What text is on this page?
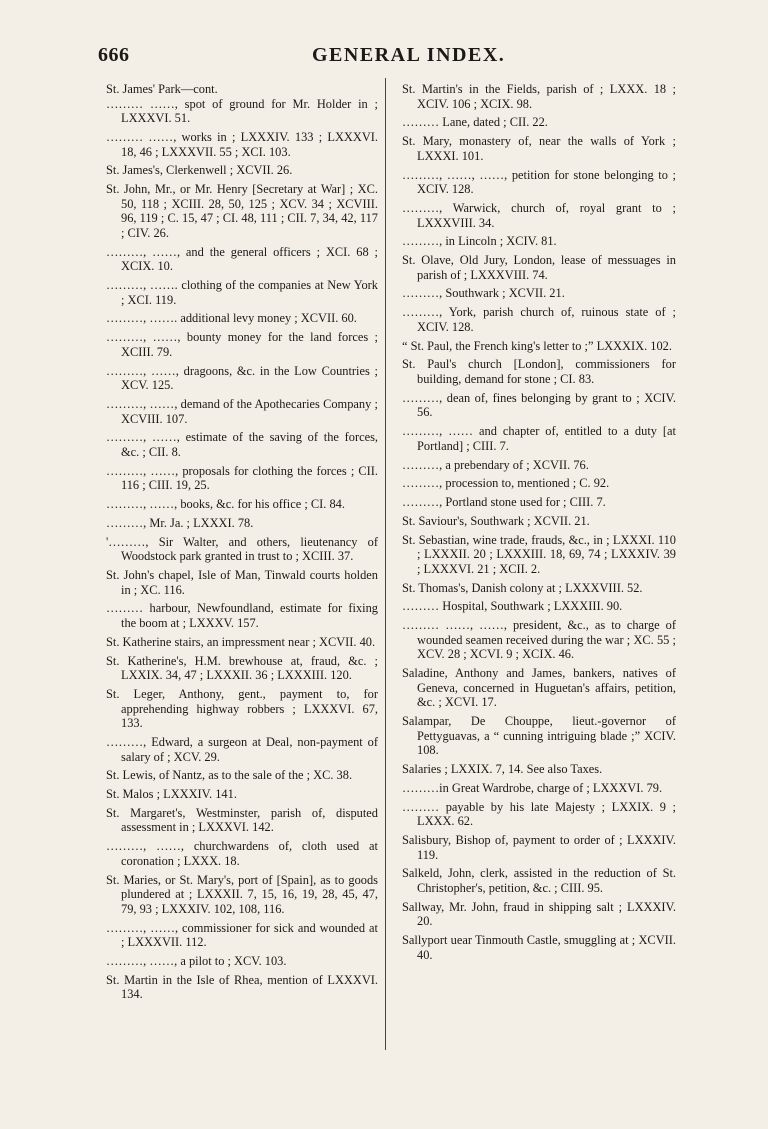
666	GENERAL INDEX.

St. James' Park—cont.

……… ……, spot of ground for Mr. Holder in ; LXXXVI. 51.

……… ……, works in ; LXXXIV. 133 ; LXXXVI. 18, 46 ; LXXXVII. 55 ; XCI. 103.

St. James's, Clerkenwell ; XCVII. 26.

St. John, Mr., or Mr. Henry [Secretary at War] ; XC. 50, 118 ; XCIII. 28, 50, 125 ; XCV. 34 ; XCVIII. 96, 119 ; C. 15, 47 ; CI. 48, 111 ; CII. 7, 34, 42, 117 ; CIV. 26.

………, ……, and the general officers ; XCI. 68 ; XCIX. 10.

………, ……. clothing of the companies at New York ; XCI. 119.

………, ……. additional levy money ; XCVII. 60.

………, ……, bounty money for the land forces ; XCIII. 79.

………, ……, dragoons, &c. in the Low Countries ; XCV. 125.

………, ……, demand of the Apothecaries Company ; XCVIII. 107.

………, ……, estimate of the saving of the forces, &c. ; CII. 8.

………, ……, proposals for clothing the forces ; CII. 116 ; CIII. 19, 25.

………, ……, books, &c. for his office ; CI. 84.

………, Mr. Ja. ; LXXXI. 78.

'………, Sir Walter, and others, lieutenancy of Woodstock park granted in trust to ; XCIII. 37.

St. John's chapel, Isle of Man, Tinwald courts holden in ; XC. 116.

……… harbour, Newfoundland, estimate for fixing the boom at ; LXXXV. 157.

St. Katherine stairs, an impressment near ; XCVII. 40.

St. Katherine's, H.M. brewhouse at, fraud, &c. ; LXXIX. 34, 47 ; LXXXII. 36 ; LXXXIII. 120.

St. Leger, Anthony, gent., payment to, for apprehending highway robbers ; LXXXVI. 67, 133.

………, Edward, a surgeon at Deal, non-payment of salary of ; XCV. 29.

St. Lewis, of Nantz, as to the sale of the ; XC. 38.

St. Malos ; LXXXIV. 141.

St. Margaret's, Westminster, parish of, disputed assessment in ; LXXXVI. 142.

………, ……, churchwardens of, cloth used at coronation ; LXXX. 18.

St. Maries, or St. Mary's, port of [Spain], as to goods plundered at ; LXXXII. 7, 15, 16, 19, 28, 45, 47, 79, 93 ; LXXXIV. 102, 108, 116.

………, ……, commissioner for sick and wounded at ; LXXXVII. 112.

………, ……, a pilot to ; XCV. 103.

St. Martin in the Isle of Rhea, mention of LXXXVI. 134.

St. Martin's in the Fields, parish of ; LXXX. 18 ; XCIV. 106 ; XCIX. 98.

……… Lane, dated ; CII. 22.

St. Mary, monastery of, near the walls of York ; LXXXI. 101.

………, ……, ……, petition for stone belonging to ; XCIV. 128.

………, Warwick, church of, royal grant to ; LXXXVIII. 34.

………, in Lincoln ; XCIV. 81.

St. Olave, Old Jury, London, lease of messuages in parish of ; LXXXVIII. 74.

………, Southwark ; XCVII. 21.

………, York, parish church of, ruinous state of ; XCIV. 128.

“ St. Paul, the French king's letter to ;” LXXXIX. 102.

St. Paul's church [London], commissioners for building, demand for stone ; CI. 83.

………, dean of, fines belonging by grant to ; XCIV. 56.

………, …… and chapter of, entitled to a duty [at Portland] ; CIII. 7.

………, a prebendary of ; XCVII. 76.

………, procession to, mentioned ; C. 92.

………, Portland stone used for ; CIII. 7.

St. Saviour's, Southwark ; XCVII. 21.

St. Sebastian, wine trade, frauds, &c., in ; LXXXI. 110 ; LXXXII. 20 ; LXXXIII. 18, 69, 74 ; LXXXIV. 39 ; LXXXVI. 21 ; XCII. 2.

St. Thomas's, Danish colony at ; LXXXVIII. 52.

……… Hospital, Southwark ; LXXXIII. 90.

……… ……, ……, president, &c., as to charge of wounded seamen received during the war ; XC. 55 ; XCV. 28 ; XCVI. 9 ; XCIX. 46.

Saladine, Anthony and James, bankers, natives of Geneva, concerned in Huguetan's affairs, petition, &c. ; XCVI. 17.

Salampar, De Chouppe, lieut.-governor of Pettyguavas, a “ cunning intriguing blade ;” XCIV. 108.

Salaries ; LXXIX. 7, 14. See also Taxes.

………in Great Wardrobe, charge of ; LXXXVI. 79.

……… payable by his late Majesty ; LXXIX. 9 ; LXXX. 62.

Salisbury, Bishop of, payment to order of ; LXXXIV. 119.

Salkeld, John, clerk, assisted in the reduction of St. Christopher's, petition, &c. ; CIII. 95.

Sallway, Mr. John, fraud in shipping salt ; LXXXIV. 20.

Sallyport uear Tinmouth Castle, smuggling at ; XCVII. 40.
